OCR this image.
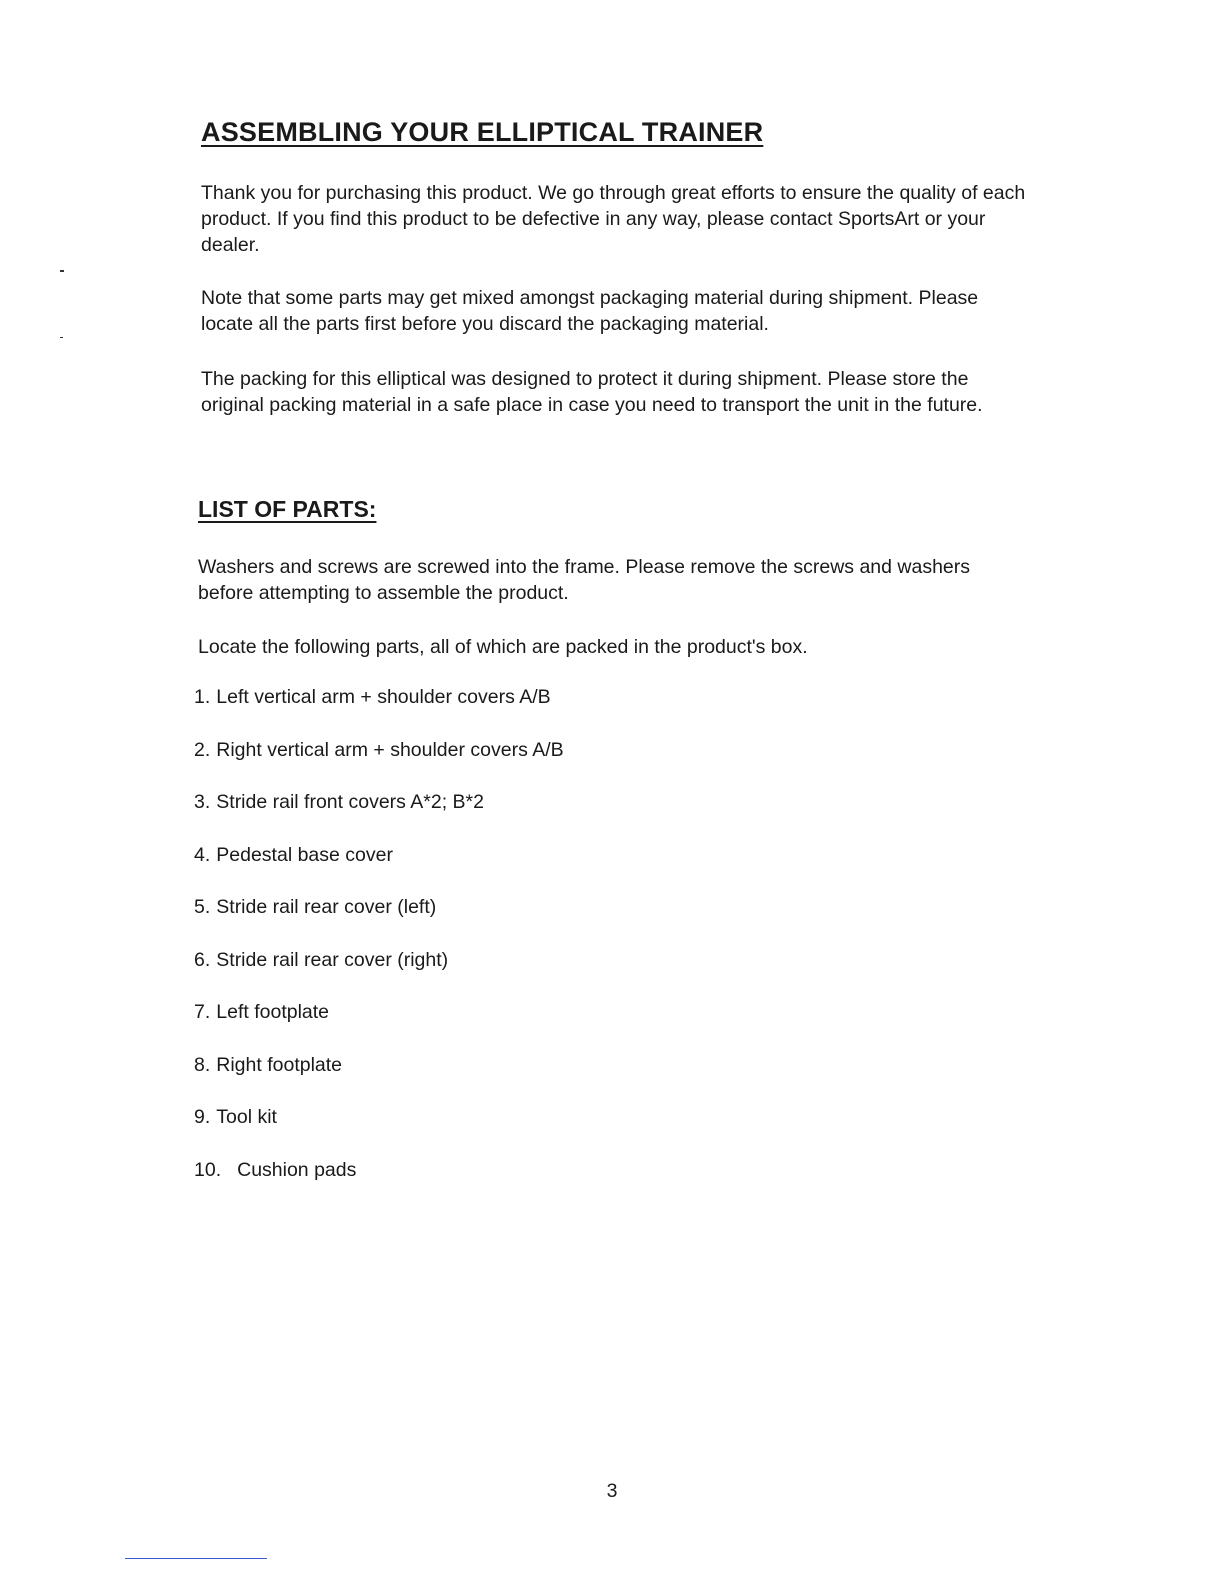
ASSEMBLING YOUR ELLIPTICAL TRAINER

Thank you for purchasing this product. We go through great efforts to ensure the quality of each product. If you find this product to be defective in any way, please contact SportsArt or your dealer.

Note that some parts may get mixed amongst packaging material during shipment. Please locate all the parts first before you discard the packaging material.

The packing for this elliptical was designed to protect it during shipment. Please store the original packing material in a safe place in case you need to transport the unit in the future.

LIST OF PARTS:

Washers and screws are screwed into the frame. Please remove the screws and washers before attempting to assemble the product.

Locate the following parts, all of which are packed in the product's box.

1. Left vertical arm + shoulder covers A/B
2. Right vertical arm + shoulder covers A/B
3. Stride rail front covers A*2; B*2
4. Pedestal base cover
5. Stride rail rear cover (left)
6. Stride rail rear cover (right)
7. Left footplate
8. Right footplate
9. Tool kit
10. Cushion pads

3
